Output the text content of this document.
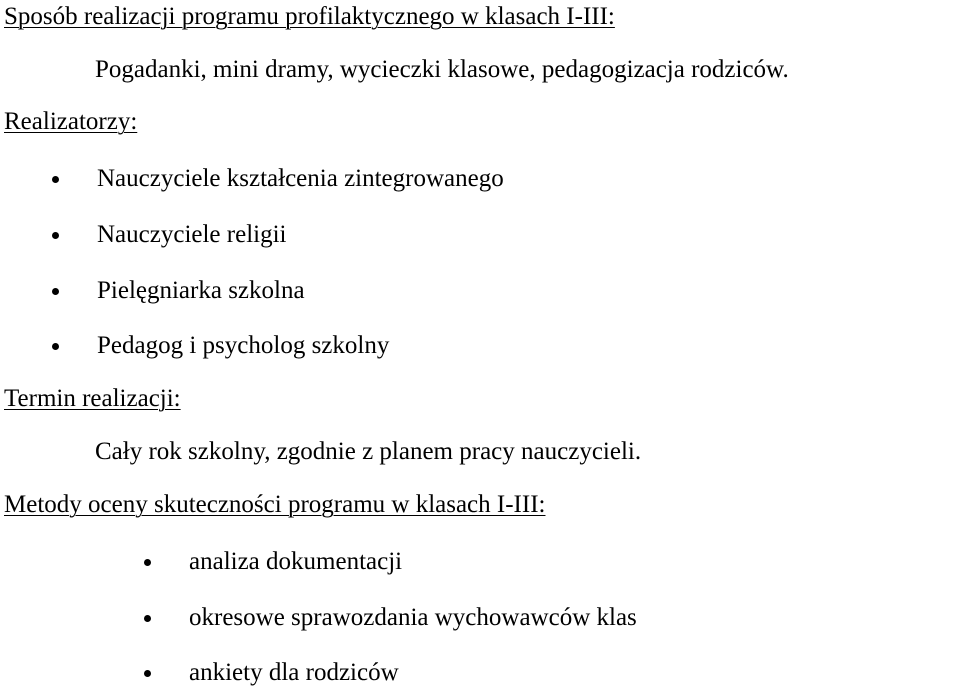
Sposób realizacji programu profilaktycznego w klasach I-III:
Pogadanki, mini dramy, wycieczki klasowe, pedagogizacja rodziców.
Realizatorzy:
Nauczyciele kształcenia zintegrowanego
Nauczyciele religii
Pielęgniarka szkolna
Pedagog i psycholog szkolny
Termin realizacji:
Cały rok szkolny, zgodnie z planem pracy nauczycieli.
Metody oceny skuteczności programu w klasach I-III:
analiza dokumentacji
okresowe sprawozdania wychowawców klas
ankiety dla rodziców
